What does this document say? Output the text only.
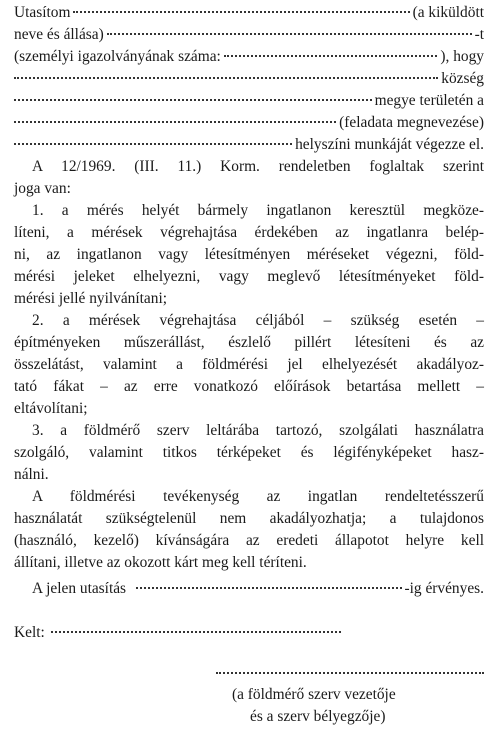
Utasítom	(a kiküldött
neve és állása)	-t
(személyi igazolványának száma:	), hogy
község
megye területén a
(feladata megnevezése)
helyszíni munkáját végezze el.
A 12/1969. (III. 11.) Korm. rendeletben foglaltak szerint
joga van:
1. a mérés helyét bármely ingatlanon keresztül megköze-
líteni, a mérések végrehajtása érdekében az ingatlanra belép-
ni, az ingatlanon vagy létesítményen méréseket végezni, föld-
mérési jeleket elhelyezni, vagy meglevő létesítményeket föld-
mérési jellé nyilvánítani;
2. a mérések végrehajtása céljából – szükség esetén –
építményeken műszerállást, észlelő pillért létesíteni és az
összelátást, valamint a földmérési jel elhelyezését akadályoz-
tató fákat – az erre vonatkozó előírások betartása mellett –
eltávolítani;
3. a földmérő szerv leltárába tartozó, szolgálati használatra
szolgáló, valamint titkos térképeket és légifényképeket hasz-
nálni.
A földmérési tevékenység az ingatlan rendeltetésszerű
használatát szükségtelenül nem akadályozhatja; a tulajdonos
(használó, kezelő) kívánságára az eredeti állapotot helyre kell
állítani, illetve az okozott kárt meg kell téríteni.
A jelen utasítás	-ig érvényes.
Kelt:
(a földmérő szerv vezetője
és a szerv bélyegzője)
